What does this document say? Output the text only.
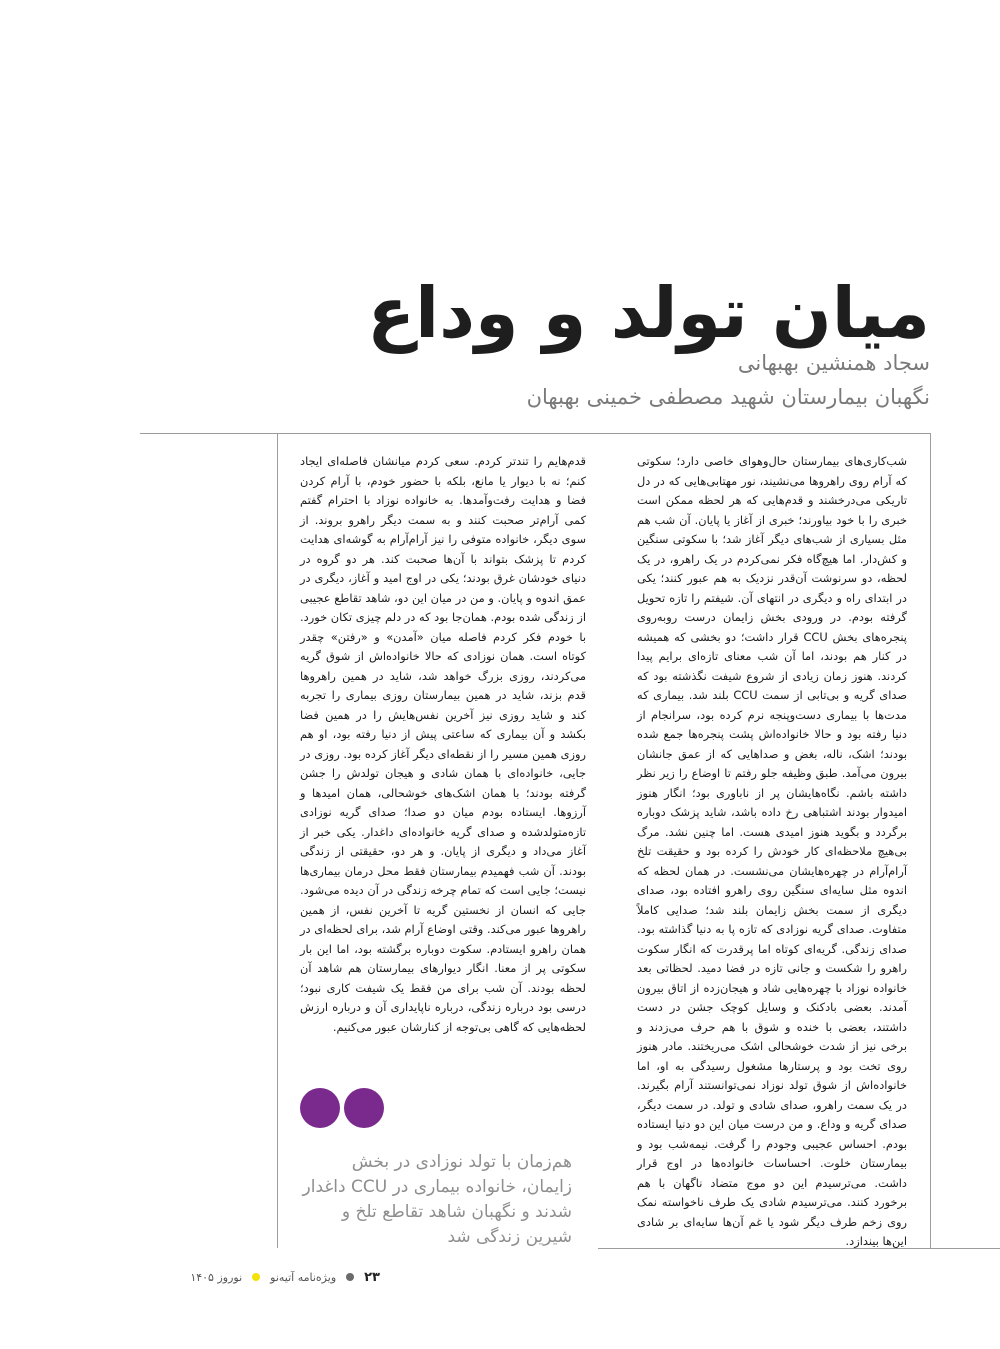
میان تولد و وداع
سجاد همنشین بهبهانی
نگهبان بیمارستان شهید مصطفی خمینی بهبهان

شب‌کاری‌های بیمارستان حال‌وهوای خاصی دارد؛ سکوتی که آرام روی راهروها می‌نشیند، نور مهتابی‌هایی که در دل تاریکی می‌درخشند و قدم‌هایی که هر لحظه ممکن است خبری را با خود بیاورند؛ خبری از آغاز یا پایان. آن شب هم مثل بسیاری از شب‌های دیگر آغاز شد؛ با سکوتی سنگین و کش‌دار. اما هیچ‌گاه فکر نمی‌کردم در یک راهرو، در یک لحظه، دو سرنوشت آن‌قدر نزدیک به هم عبور کنند؛ یکی در ابتدای راه و دیگری در انتهای آن. شیفتم را تازه تحویل گرفته بودم. در ورودی بخش زایمان درست روبه‌روی پنجره‌های بخش CCU قرار داشت؛ دو بخشی که همیشه در کنار هم بودند، اما آن شب معنای تازه‌ای برایم پیدا کردند. هنوز زمان زیادی از شروع شیفت نگذشته بود که صدای گریه و بی‌تابی از سمت CCU بلند شد. بیماری که مدت‌ها با بیماری دست‌وپنجه نرم کرده بود، سرانجام از دنیا رفته بود و حالا خانواده‌اش پشت پنجره‌ها جمع شده بودند؛ اشک، ناله، بغض و صداهایی که از عمق جانشان بیرون می‌آمد. طبق وظیفه جلو رفتم تا اوضاع را زیر نظر داشته باشم. نگاه‌هایشان پر از ناباوری بود؛ انگار هنوز امیدوار بودند اشتباهی رخ داده باشد، شاید پزشک دوباره برگردد و بگوید هنوز امیدی هست. اما چنین نشد. مرگ بی‌هیچ ملاحظه‌ای کار خودش را کرده بود و حقیقت تلخ آرام‌آرام در چهره‌هایشان می‌نشست. در همان لحظه که اندوه مثل سایه‌ای سنگین روی راهرو افتاده بود، صدای دیگری از سمت بخش زایمان بلند شد؛ صدایی کاملاً متفاوت. صدای گریه نوزادی که تازه پا به دنیا گذاشته بود. صدای زندگی. گریه‌ای کوتاه اما پرقدرت که انگار سکوت راهرو را شکست و جانی تازه در فضا دمید. لحظاتی بعد خانواده نوزاد با چهره‌هایی شاد و هیجان‌زده از اتاق بیرون آمدند. بعضی بادکنک و وسایل کوچک جشن در دست داشتند، بعضی با خنده و شوق با هم حرف می‌زدند و برخی نیز از شدت خوشحالی اشک می‌ریختند. مادر هنوز روی تخت بود و پرستارها مشغول رسیدگی به او، اما خانواده‌اش از شوق تولد نوزاد نمی‌توانستند آرام بگیرند. در یک سمت راهرو، صدای شادی و تولد. در سمت دیگر، صدای گریه و وداع. و من درست میان این دو دنیا ایستاده بودم. احساس عجیبی وجودم را گرفت. نیمه‌شب بود و بیمارستان خلوت. احساسات خانواده‌ها در اوج قرار داشت. می‌ترسیدم این دو موج متضاد ناگهان با هم برخورد کنند. می‌ترسیدم شادی یک طرف ناخواسته نمک روی زخم طرف دیگر شود یا غم آن‌ها سایه‌ای بر شادی این‌ها بیندازد.

قدم‌هایم را تندتر کردم. سعی کردم میانشان فاصله‌ای ایجاد کنم؛ نه با دیوار یا مانع، بلکه با حضور خودم، با آرام کردن فضا و هدایت رفت‌وآمدها. به خانواده نوزاد با احترام گفتم کمی آرام‌تر صحبت کنند و به سمت دیگر راهرو بروند. از سوی دیگر، خانواده متوفی را نیز آرام‌آرام به گوشه‌ای هدایت کردم تا پزشک بتواند با آن‌ها صحبت کند. هر دو گروه در دنیای خودشان غرق بودند؛ یکی در اوج امید و آغاز، دیگری در عمق اندوه و پایان. و من در میان این دو، شاهد تقاطع عجیبی از زندگی شده بودم. همان‌جا بود که در دلم چیزی تکان خورد. با خودم فکر کردم فاصله میان «آمدن» و «رفتن» چقدر کوتاه است. همان نوزادی که حالا خانواده‌اش از شوق گریه می‌کردند، روزی بزرگ خواهد شد، شاید در همین راهروها قدم بزند، شاید در همین بیمارستان روزی بیماری را تجربه کند و شاید روزی نیز آخرین نفس‌هایش را در همین فضا بکشد و آن بیماری که ساعتی پیش از دنیا رفته بود، او هم روزی همین مسیر را از نقطه‌ای دیگر آغاز کرده بود. روزی در جایی، خانواده‌ای با همان شادی و هیجان تولدش را جشن گرفته بودند؛ با همان اشک‌های خوشحالی، همان امیدها و آرزوها. ایستاده بودم میان دو صدا؛ صدای گریه نوزادی تازه‌متولدشده و صدای گریه خانواده‌ای داغدار. یکی خبر از آغاز می‌داد و دیگری از پایان. و هر دو، حقیقتی از زندگی بودند. آن شب فهمیدم بیمارستان فقط محل درمان بیماری‌ها نیست؛ جایی است که تمام چرخه زندگی در آن دیده می‌شود. جایی که انسان از نخستین گریه تا آخرین نفس، از همین راهروها عبور می‌کند. وقتی اوضاع آرام شد، برای لحظه‌ای در همان راهرو ایستادم. سکوت دوباره برگشته بود، اما این بار سکوتی پر از معنا. انگار دیوارهای بیمارستان هم شاهد آن لحظه بودند. آن شب برای من فقط یک شیفت کاری نبود؛ درسی بود درباره زندگی، درباره ناپایداری آن و درباره ارزش لحظه‌هایی که گاهی بی‌توجه از کنارشان عبور می‌کنیم.

هم‌زمان با تولد نوزادی در بخش زایمان، خانواده بیماری در CCU داغدار شدند و نگهبان شاهد تقاطع تلخ و شیرین زندگی شد
۲۳
ویژه‌نامه آتیه‌نو
نوروز ۱۴۰۵
